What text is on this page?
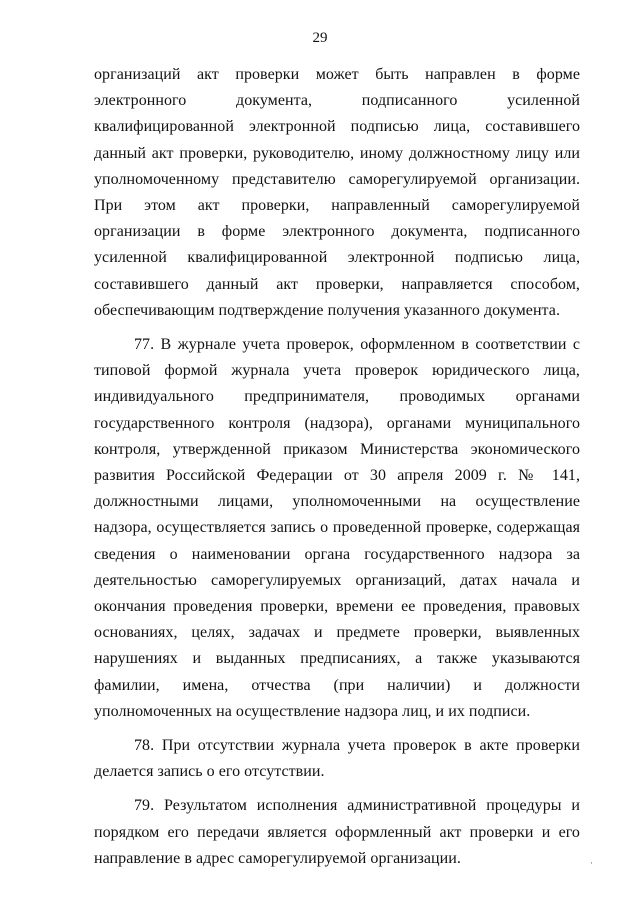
29

организаций акт проверки может быть направлен в форме электронного документа, подписанного усиленной квалифицированной электронной подписью лица, составившего данный акт проверки, руководителю, иному должностному лицу или уполномоченному представителю саморегулируемой организации. При этом акт проверки, направленный саморегулируемой организации в форме электронного документа, подписанного усиленной квалифицированной электронной подписью лица, составившего данный акт проверки, направляется способом, обеспечивающим подтверждение получения указанного документа.

77. В журнале учета проверок, оформленном в соответствии с типовой формой журнала учета проверок юридического лица, индивидуального предпринимателя, проводимых органами государственного контроля (надзора), органами муниципального контроля, утвержденной приказом Министерства экономического развития Российской Федерации от 30 апреля 2009 г. № 141, должностными лицами, уполномоченными на осуществление надзора, осуществляется запись о проведенной проверке, содержащая сведения о наименовании органа государственного надзора за деятельностью саморегулируемых организаций, датах начала и окончания проведения проверки, времени ее проведения, правовых основаниях, целях, задачах и предмете проверки, выявленных нарушениях и выданных предписаниях, а также указываются фамилии, имена, отчества (при наличии) и должности уполномоченных на осуществление надзора лиц, и их подписи.

78. При отсутствии журнала учета проверок в акте проверки делается запись о его отсутствии.

79. Результатом исполнения административной процедуры и порядком его передачи является оформленный акт проверки и его направление в адрес саморегулируемой организации.	·
